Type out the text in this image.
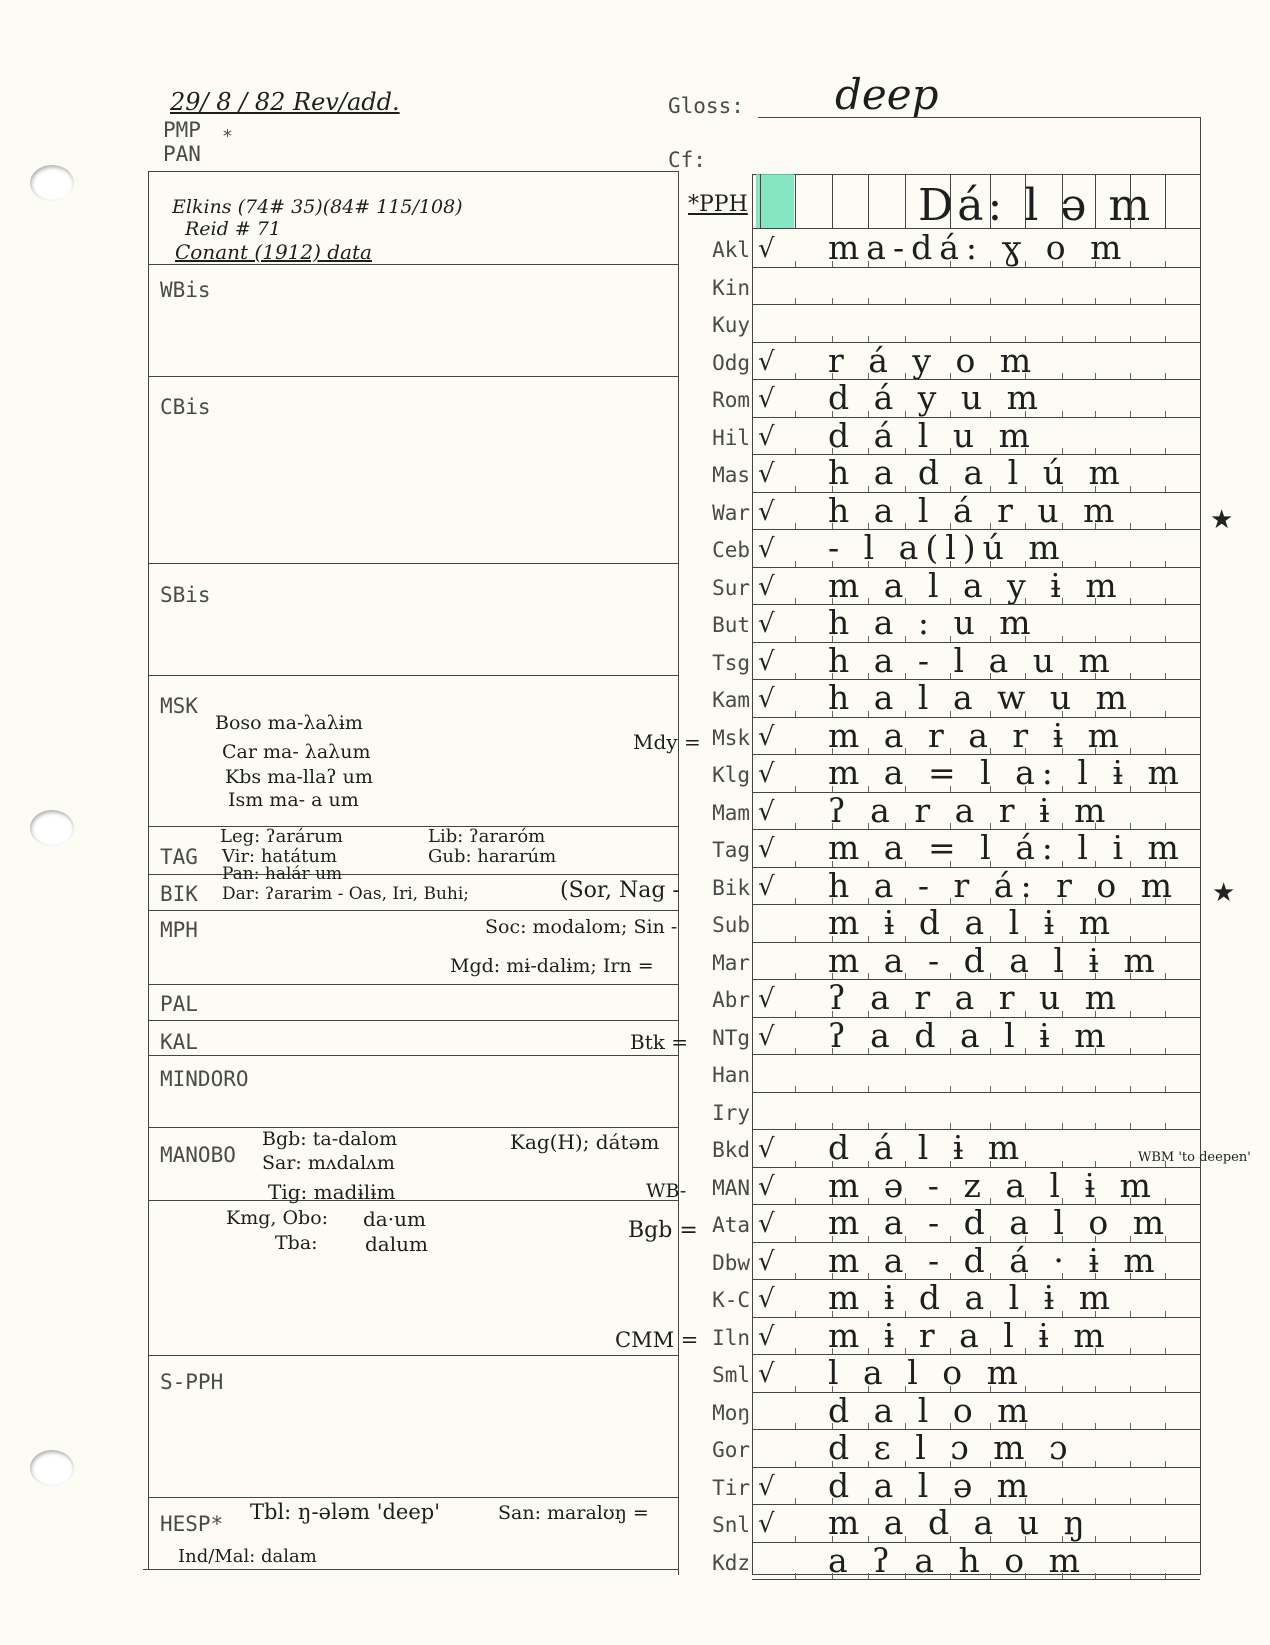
29/ 8 / 82 Rev/add.
PMP *
PAN
Gloss: deep
Cf:
Elkins (74# 35)(84# 115/108)
Reid # 71
Conant (1912) data
WBis
CBis
SBis
MSK
TAG
BIK
MPH
PAL
KAL
MINDORO
MANOBO
S-PPH
HESP*
Boso ma-λaλɨm
Car ma- λaλum
Kbs ma-llaʔ um
Ism ma- a um
Leg: ʔarárum	Lib: ʔararóm
Vir: hatátum	Gub: hararúm
Pan: halár um
Dar: ʔararɨm - Oas, Iri, Buhi;	(Sor, Nag -
Mdy =
Soc: modalom; Sin -
Mgd: mɨ-dalɨm; Irn =
Btk =
Bgb: ta-dalom
Sar: mʌdalʌm
Kag(H); dátəm
Tig: madɨlɨm	WB-
Kmg, Obo: da·um
Tba: dalum
Bgb =
CMM =
Tbl: ŋ-ələm 'deep'	San: maralʊŋ =
Ind/Mal: dalam
WBM 'to deepen'
*PPH	Dá: l ə m
Akl √ ma-dá: ɣ o m
Kin
Kuy
Odg √ r á y o m
Rom √ d á y u m
Hil √ d á l u m
Mas √ h a d a l ú m
War √ h a l á r u m
Ceb √ - l a(l)ú m
Sur √ m a l a y ɨ m
But √ h a : u m
Tsg √ h a - l a u m
Kam √ h a l a w u m
Msk √ m a r a r ɨ m
Klg √ m a = l a: l ɨ m
Mam √ ʔ a r a r ɨ m
Tag √ m a = l á: l i m
Bik √ h a - r á: r o m
Sub m ɨ d a l ɨ m
Mar m a - d a l ɨ m
Abr √ ʔ a r a r u m
NTg √ ʔ a d a l ɨ m
Han
Iry
Bkd √ d á l ɨ m
MAN √ m ə - z a l ɨ m
Ata √ m a - d a l o m
Dbw √ m a - d á · ɨ m
K-C √ m ɨ d a l ɨ m
Iln √ m ɨ r a l ɨ m
Sml √ l a l o m
Moŋ d a l o m
Gor d ɛ l ɔ m ɔ
Tir √ d a l ə m
Snl √ m a d a u ŋ
Kdz a ʔ a h o m
★
★
